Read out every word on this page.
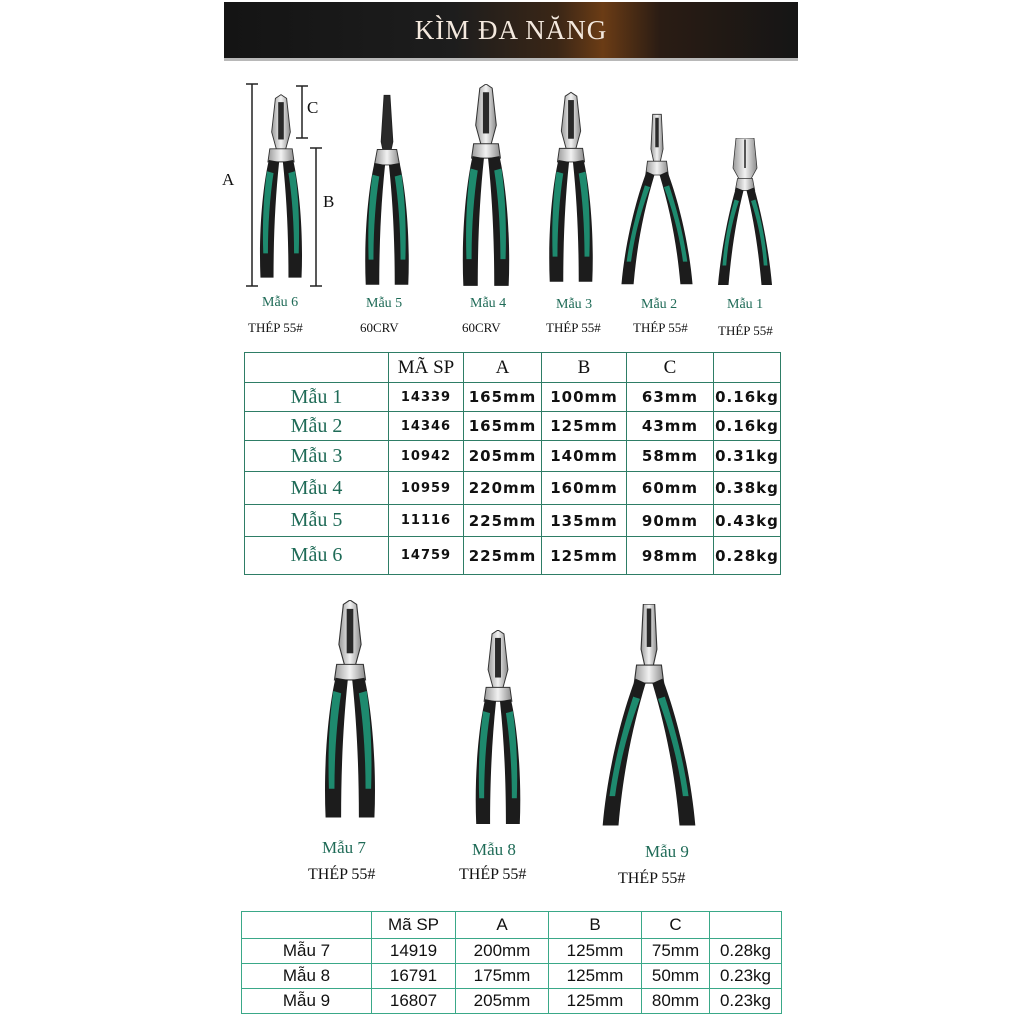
KÌM ĐA NĂNG
A
C
B
Mẫu 6
THÉP 55#
Mẫu 5
60CRV
Mẫu 4
60CRV
Mẫu 3
THÉP 55#
Mẫu 2
THÉP 55#
Mẫu 1
THÉP 55#
	MÃ SP	A	B	C	
Mẫu 1	14339	165mm	100mm	63mm	0.16kg
Mẫu 2	14346	165mm	125mm	43mm	0.16kg
Mẫu 3	10942	205mm	140mm	58mm	0.31kg
Mẫu 4	10959	220mm	160mm	60mm	0.38kg
Mẫu 5	11116	225mm	135mm	90mm	0.43kg
Mẫu 6	14759	225mm	125mm	98mm	0.28kg
Mẫu 7
THÉP 55#
Mẫu 8
THÉP 55#
Mẫu 9
THÉP 55#
	Mã SP	A	B	C	
Mẫu 7	14919	200mm	125mm	75mm	0.28kg
Mẫu 8	16791	175mm	125mm	50mm	0.23kg
Mẫu 9	16807	205mm	125mm	80mm	0.23kg
